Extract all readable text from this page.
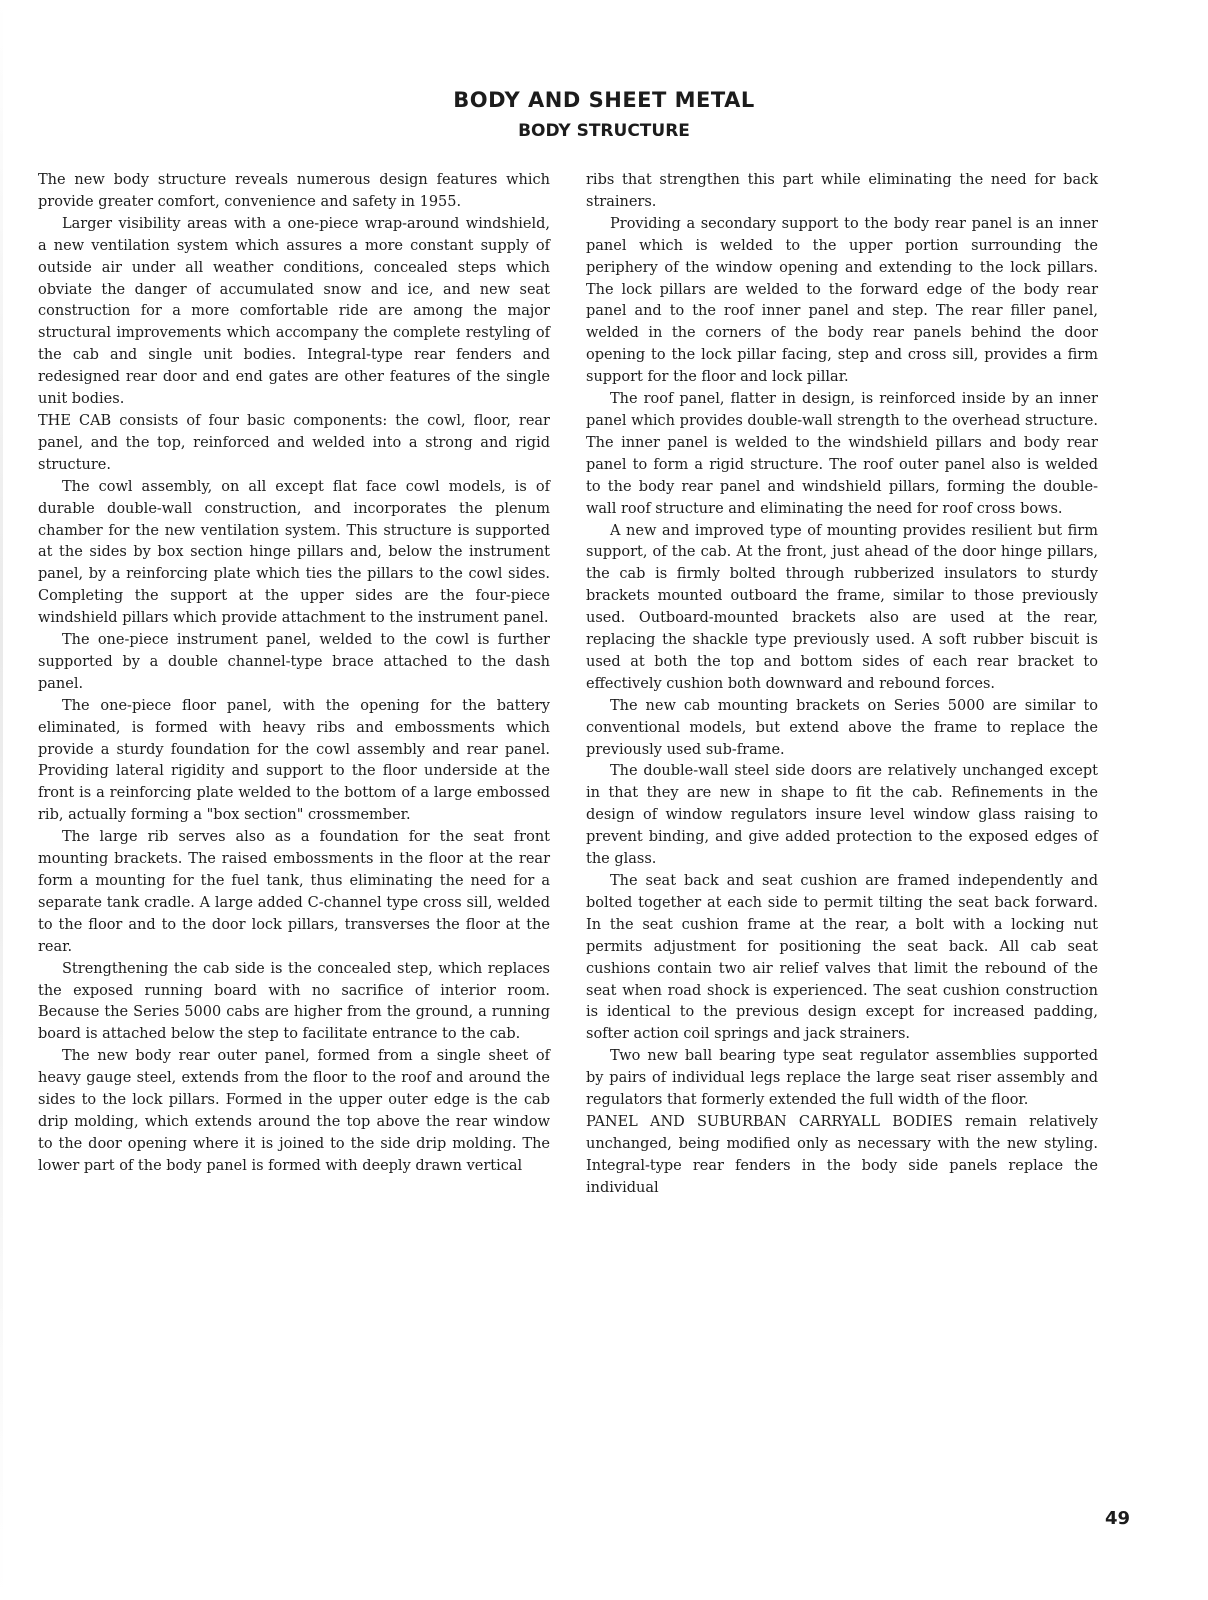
BODY AND SHEET METAL
BODY STRUCTURE

The new body structure reveals numerous design features which provide greater comfort, convenience and safety in 1955.

Larger visibility areas with a one-piece wrap-around windshield, a new ventilation system which assures a more constant supply of outside air under all weather conditions, concealed steps which obviate the danger of accumulated snow and ice, and new seat construction for a more comfortable ride are among the major structural improvements which accompany the complete restyling of the cab and single unit bodies. Integral-type rear fenders and redesigned rear door and end gates are other features of the single unit bodies.

THE CAB consists of four basic components: the cowl, floor, rear panel, and the top, reinforced and welded into a strong and rigid structure.

The cowl assembly, on all except flat face cowl models, is of durable double-wall construction, and incorporates the plenum chamber for the new ventilation system. This structure is supported at the sides by box section hinge pillars and, below the instrument panel, by a reinforcing plate which ties the pillars to the cowl sides. Completing the support at the upper sides are the four-piece windshield pillars which provide attachment to the instrument panel.

The one-piece instrument panel, welded to the cowl is further supported by a double channel-type brace attached to the dash panel.

The one-piece floor panel, with the opening for the battery eliminated, is formed with heavy ribs and embossments which provide a sturdy foundation for the cowl assembly and rear panel. Providing lateral rigidity and support to the floor underside at the front is a reinforcing plate welded to the bottom of a large embossed rib, actually forming a "box section" crossmember.

The large rib serves also as a foundation for the seat front mounting brackets. The raised embossments in the floor at the rear form a mounting for the fuel tank, thus eliminating the need for a separate tank cradle. A large added C-channel type cross sill, welded to the floor and to the door lock pillars, transverses the floor at the rear.

Strengthening the cab side is the concealed step, which replaces the exposed running board with no sacrifice of interior room. Because the Series 5000 cabs are higher from the ground, a running board is attached below the step to facilitate entrance to the cab.

The new body rear outer panel, formed from a single sheet of heavy gauge steel, extends from the floor to the roof and around the sides to the lock pillars. Formed in the upper outer edge is the cab drip molding, which extends around the top above the rear window to the door opening where it is joined to the side drip molding. The lower part of the body panel is formed with deeply drawn vertical

ribs that strengthen this part while eliminating the need for back strainers.

Providing a secondary support to the body rear panel is an inner panel which is welded to the upper portion surrounding the periphery of the window opening and extending to the lock pillars. The lock pillars are welded to the forward edge of the body rear panel and to the roof inner panel and step. The rear filler panel, welded in the corners of the body rear panels behind the door opening to the lock pillar facing, step and cross sill, provides a firm support for the floor and lock pillar.

The roof panel, flatter in design, is reinforced inside by an inner panel which provides double-wall strength to the overhead structure. The inner panel is welded to the windshield pillars and body rear panel to form a rigid structure. The roof outer panel also is welded to the body rear panel and windshield pillars, forming the double-wall roof structure and eliminating the need for roof cross bows.

A new and improved type of mounting provides resilient but firm support, of the cab. At the front, just ahead of the door hinge pillars, the cab is firmly bolted through rubberized insulators to sturdy brackets mounted outboard the frame, similar to those previously used. Outboard-mounted brackets also are used at the rear, replacing the shackle type previously used. A soft rubber biscuit is used at both the top and bottom sides of each rear bracket to effectively cushion both downward and rebound forces.

The new cab mounting brackets on Series 5000 are similar to conventional models, but extend above the frame to replace the previously used sub-frame.

The double-wall steel side doors are relatively unchanged except in that they are new in shape to fit the cab. Refinements in the design of window regulators insure level window glass raising to prevent binding, and give added protection to the exposed edges of the glass.

The seat back and seat cushion are framed independently and bolted together at each side to permit tilting the seat back forward. In the seat cushion frame at the rear, a bolt with a locking nut permits adjustment for positioning the seat back. All cab seat cushions contain two air relief valves that limit the rebound of the seat when road shock is experienced. The seat cushion construction is identical to the previous design except for increased padding, softer action coil springs and jack strainers.

Two new ball bearing type seat regulator assemblies supported by pairs of individual legs replace the large seat riser assembly and regulators that formerly extended the full width of the floor.

PANEL AND SUBURBAN CARRYALL BODIES remain relatively unchanged, being modified only as necessary with the new styling. Integral-type rear fenders in the body side panels replace the individual

49
